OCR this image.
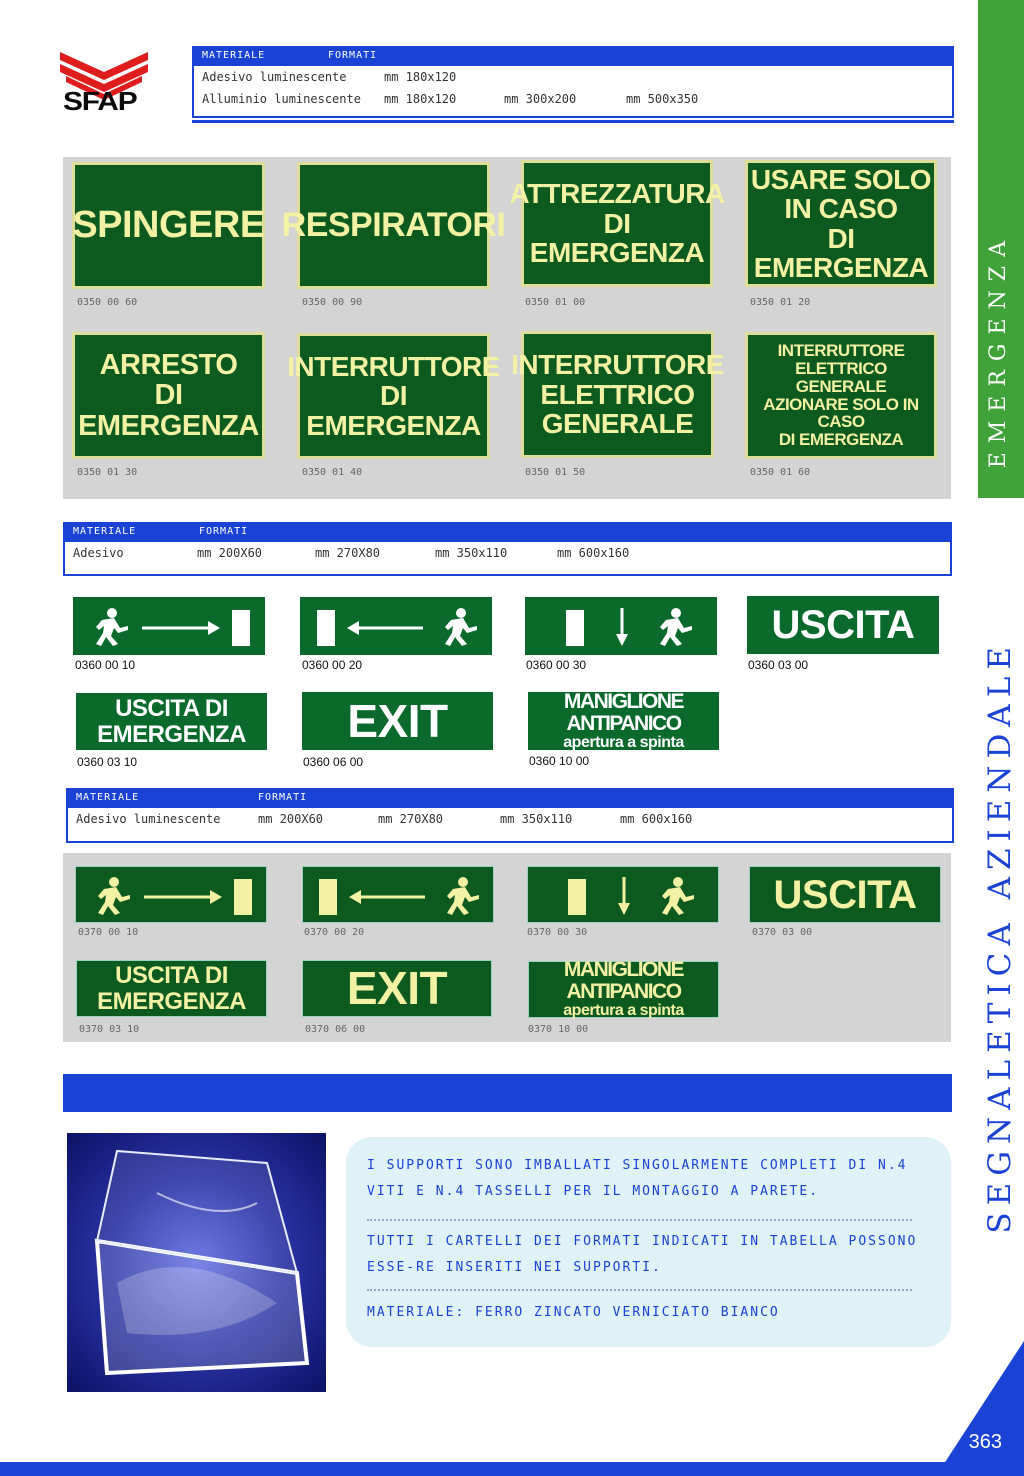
SFAP
MATERIALE	FORMATI
Adesivo luminescente	mm 180x120
Alluminio luminescente mm 180x120	mm 300x200	mm 500x350
SPINGERE
0350 00 60
RESPIRATORI
0350 00 90
ATTREZZATURA
DI
EMERGENZA
0350 01 00
USARE SOLO
IN CASO
DI EMERGENZA
0350 01 20
ARRESTO
DI
EMERGENZA
0350 01 30
INTERRUTTORE
DI
EMERGENZA
0350 01 40
INTERRUTTORE
ELETTRICO
GENERALE
0350 01 50
INTERRUTTORE
ELETTRICO GENERALE
AZIONARE SOLO IN CASO
DI EMERGENZA
0350 01 60
MATERIALE	FORMATI
Adesivo	mm 200X60	mm 270X80	mm 350x110	mm 600x160
0360 00 10	0360 00 20	0360 00 30
USCITA
0360 03 00
USCITA DI
EMERGENZA
0360 03 10
EXIT
0360 06 00
MANIGLIONE ANTIPANICO
apertura a spinta
0360 10 00
MATERIALE	FORMATI
Adesivo luminescente	mm 200X60	mm 270X80	mm 350x110	mm 600x160
0370 00 10	0370 00 20	0370 00 30
USCITA
0370 03 00
USCITA DI
EMERGENZA
0370 03 10
EXIT
0370 06 00
MANIGLIONE ANTIPANICO
apertura a spinta
0370 10 00
I SUPPORTI SONO IMBALLATI SINGOLARMENTE COMPLETI DI N.4 VITI E N.4 TASSELLI PER IL MONTAGGIO A PARETE.
TUTTI I CARTELLI DEI FORMATI INDICATI IN TABELLA POSSONO ESSE-RE INSERITI NEI SUPPORTI.
MATERIALE: FERRO ZINCATO VERNICIATO BIANCO
EMERGENZA
SEGNALETICA AZIENDALE
363
